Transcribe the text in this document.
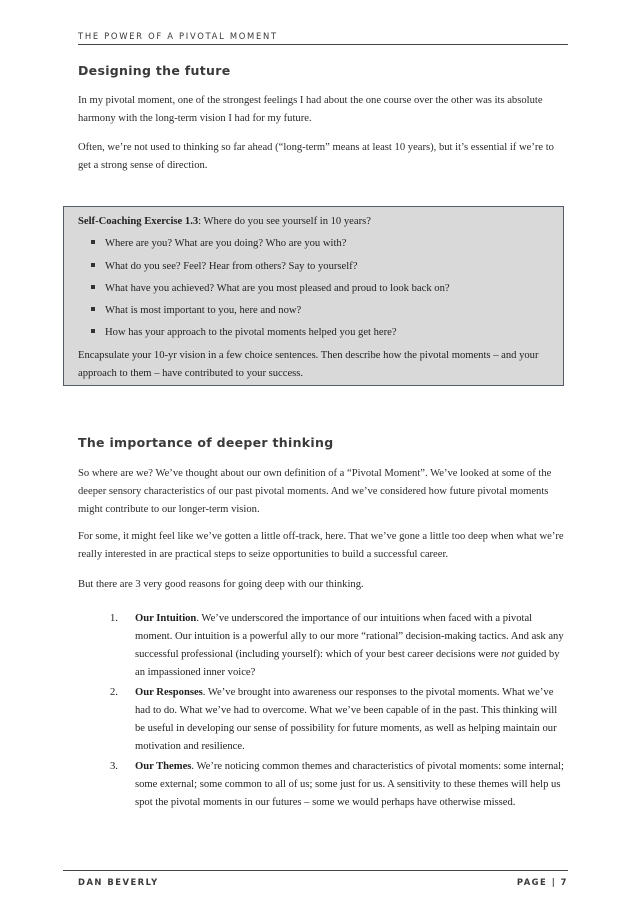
THE POWER OF A PIVOTAL MOMENT
Designing the future

In my pivotal moment, one of the strongest feelings I had about the one course over the other was its absolute harmony with the long-term vision I had for my future.

Often, we’re not used to thinking so far ahead (“long-term” means at least 10 years), but it’s essential if we’re to get a strong sense of direction.

Self-Coaching Exercise 1.3: Where do you see yourself in 10 years?

Where are you? What are you doing? Who are you with?

What do you see? Feel? Hear from others? Say to yourself?

What have you achieved? What are you most pleased and proud to look back on?

What is most important to you, here and now?

How has your approach to the pivotal moments helped you get here?

Encapsulate your 10-yr vision in a few choice sentences. Then describe how the pivotal moments – and your approach to them – have contributed to your success.

The importance of deeper thinking

So where are we? We’ve thought about our own definition of a “Pivotal Moment”. We’ve looked at some of the deeper sensory characteristics of our past pivotal moments. And we’ve considered how future pivotal moments might contribute to our longer-term vision.

For some, it might feel like we’ve gotten a little off-track, here. That we’ve gone a little too deep when what we’re really interested in are practical steps to seize opportunities to build a successful career.

But there are 3 very good reasons for going deep with our thinking.

1. Our Intuition. We’ve underscored the importance of our intuitions when faced with a pivotal moment. Our intuition is a powerful ally to our more “rational” decision-making tactics. And ask any successful professional (including yourself): which of your best career decisions were not guided by an impassioned inner voice?

2. Our Responses. We’ve brought into awareness our responses to the pivotal moments. What we’ve had to do. What we’ve had to overcome. What we’ve been capable of in the past. This thinking will be useful in developing our sense of possibility for future moments, as well as helping maintain our motivation and resilience.

3. Our Themes. We’re noticing common themes and characteristics of pivotal moments: some internal; some external; some common to all of us; some just for us. A sensitivity to these themes will help us spot the pivotal moments in our futures – some we would perhaps have otherwise missed.

DAN BEVERLY	PAGE | 7
